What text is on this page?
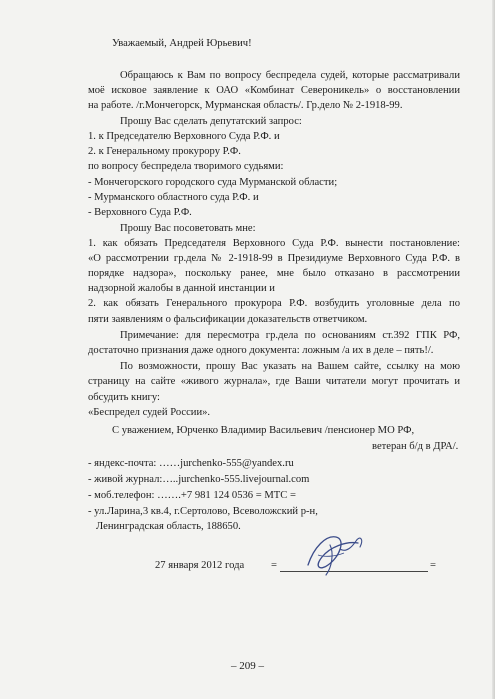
Уважаемый, Андрей Юрьевич!
Обращаюсь к Вам по вопросу беспредела судей, которые рассматривали
моё исковое заявление к ОАО «Комбинат Североникель» о восстановлении
на работе. /г.Мончегорск, Мурманская область/. Гр.дело № 2-1918-99.
Прошу Вас сделать депутатский запрос:
1. к Председателю Верховного Суда Р.Ф. и
2. к Генеральному прокурору Р.Ф.
по вопросу беспредела творимого судьями:
- Мончегорского городского суда Мурманской области;
- Мурманского областного суда Р.Ф. и
- Верховного Суда Р.Ф.
Прошу Вас посоветовать мне:
1. как обязать Председателя Верховного Суда Р.Ф. вынести постановление:
«О рассмотрении гр.дела № 2-1918-99 в Президиуме Верховного Суда Р.Ф. в
порядке надзора», поскольку ранее, мне было отказано в рассмотрении
надзорной жалобы в данной инстанции и
2. как обязать Генерального прокурора Р.Ф. возбудить уголовные дела по
пяти заявлениям о фальсификации доказательств ответчиком.
Примечание: для пересмотра гр.дела по основаниям ст.392 ГПК РФ,
достаточно признания даже одного документа: ложным /а их в деле – пять!/.
По возможности, прошу Вас указать на Вашем сайте, ссылку на мою
страницу на сайте «живого журнала», где Ваши читатели могут прочитать и
обсудить книгу:
«Беспредел судей России».
С уважением, Юрченко Владимир Васильевич /пенсионер МО РФ,
ветеран б/д в ДРА/.
- яндекс-почта: ……jurchenko-555@yandex.ru
- живой журнал:…..jurchenko-555.livejournal.com
- моб.телефон: …….+7 981 124 0536 = МТС =
- ул.Ларина,3 кв.4, г.Сертолово, Всеволожский р-н,
Ленинградская область, 188650.
27 января 2012 года	=	=
– 209 –
